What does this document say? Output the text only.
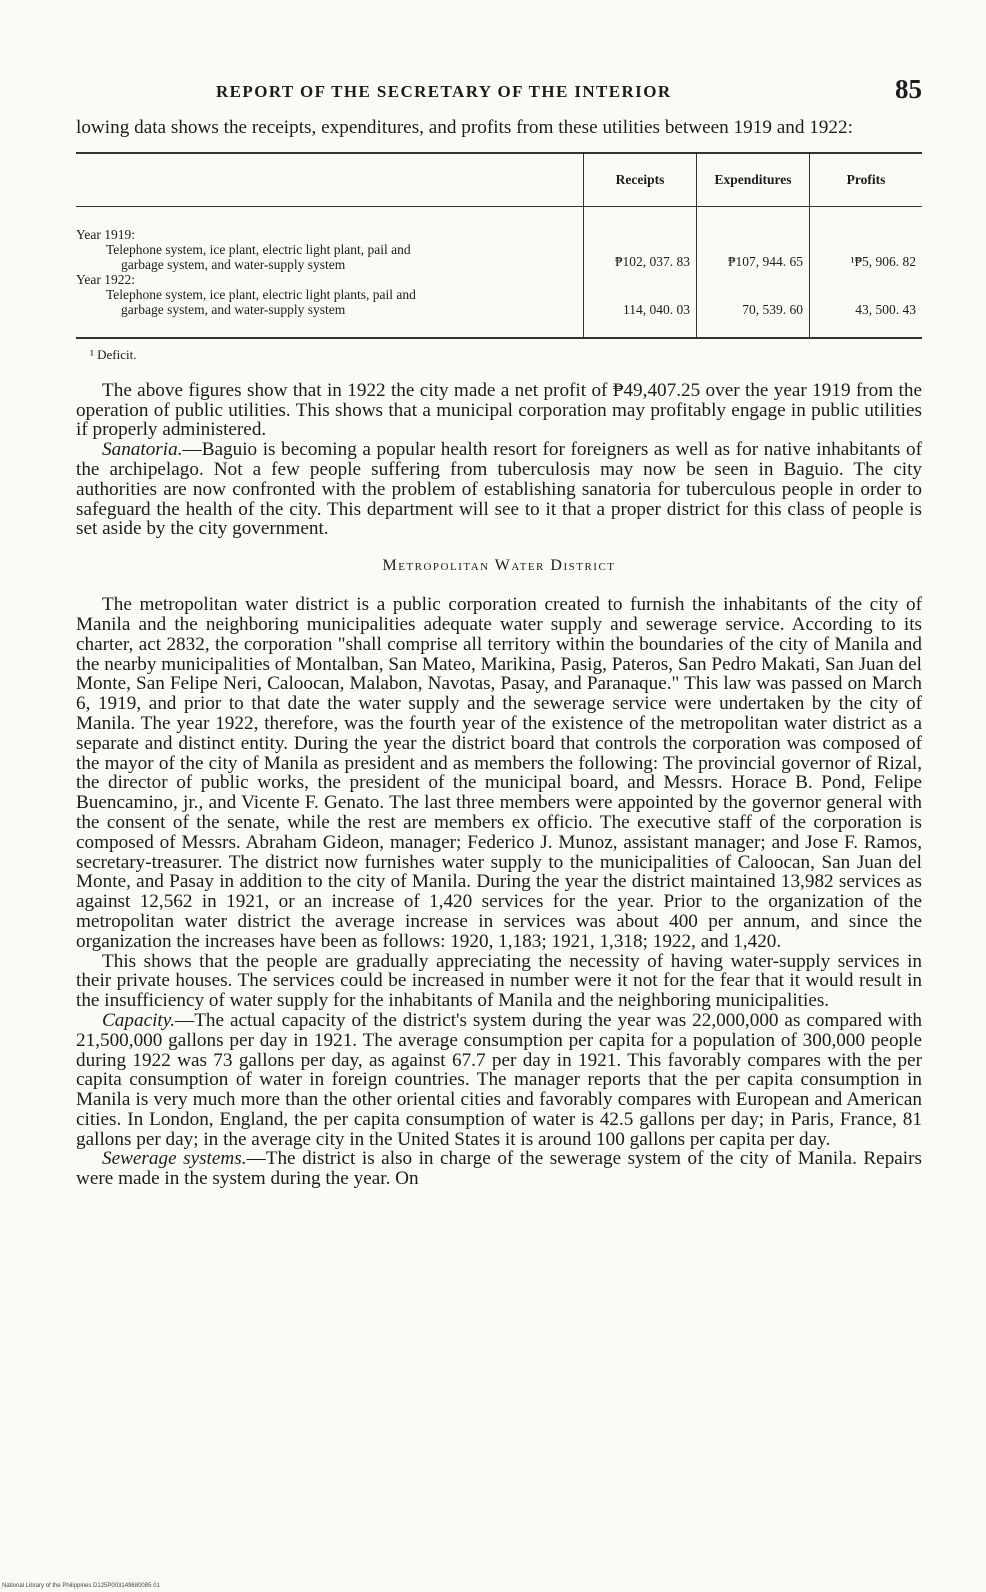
REPORT OF THE SECRETARY OF THE INTERIOR	85

lowing data shows the receipts, expenditures, and profits from these utilities between 1919 and 1922:

	Receipts	Expenditures	Profits

Year 1919:
Telephone system, ice plant, electric light plant, pail and
garbage system, and water-supply system	₱102, 037. 83	₱107, 944. 65	¹₱5, 906. 82

Year 1922:
Telephone system, ice plant, electric light plants, pail and
garbage system, and water-supply system	114, 040. 03	70, 539. 60	43, 500. 43
¹ Deficit.

The above figures show that in 1922 the city made a net profit of ₱49,407.25 over the year 1919 from the operation of public utilities. This shows that a municipal corporation may profitably engage in public utilities if properly administered.

Sanatoria.—Baguio is becoming a popular health resort for foreigners as well as for native inhabitants of the archipelago. Not a few people suffering from tuberculosis may now be seen in Baguio. The city authorities are now confronted with the problem of establishing sanatoria for tuberculous people in order to safeguard the health of the city. This department will see to it that a proper district for this class of people is set aside by the city government.

Metropolitan Water District

The metropolitan water district is a public corporation created to furnish the inhabitants of the city of Manila and the neighboring municipalities adequate water supply and sewerage service. According to its charter, act 2832, the corporation "shall comprise all territory within the boundaries of the city of Manila and the nearby municipalities of Montalban, San Mateo, Marikina, Pasig, Pateros, San Pedro Makati, San Juan del Monte, San Felipe Neri, Caloocan, Malabon, Navotas, Pasay, and Paranaque." This law was passed on March 6, 1919, and prior to that date the water supply and the sewerage service were undertaken by the city of Manila. The year 1922, therefore, was the fourth year of the existence of the metropolitan water district as a separate and distinct entity. During the year the district board that controls the corporation was composed of the mayor of the city of Manila as president and as members the following: The provincial governor of Rizal, the director of public works, the president of the municipal board, and Messrs. Horace B. Pond, Felipe Buencamino, jr., and Vicente F. Genato. The last three members were appointed by the governor general with the consent of the senate, while the rest are members ex officio. The executive staff of the corporation is composed of Messrs. Abraham Gideon, manager; Federico J. Munoz, assistant manager; and Jose F. Ramos, secretary-treasurer. The district now furnishes water supply to the municipalities of Caloocan, San Juan del Monte, and Pasay in addition to the city of Manila. During the year the district maintained 13,982 services as against 12,562 in 1921, or an increase of 1,420 services for the year. Prior to the organization of the metropolitan water district the average increase in services was about 400 per annum, and since the organization the increases have been as follows: 1920, 1,183; 1921, 1,318; 1922, and 1,420.

This shows that the people are gradually appreciating the necessity of having water-supply services in their private houses. The services could be increased in number were it not for the fear that it would result in the insufficiency of water supply for the inhabitants of Manila and the neighboring municipalities.

Capacity.—The actual capacity of the district's system during the year was 22,000,000 as compared with 21,500,000 gallons per day in 1921. The average consumption per capita for a population of 300,000 people during 1922 was 73 gallons per day, as against 67.7 per day in 1921. This favorably compares with the per capita consumption of water in foreign countries. The manager reports that the per capita consumption in Manila is very much more than the other oriental cities and favorably compares with European and American cities. In London, England, the per capita consumption of water is 42.5 gallons per day; in Paris, France, 81 gallons per day; in the average city in the United States it is around 100 gallons per capita per day.

Sewerage systems.—The district is also in charge of the sewerage system of the city of Manila. Repairs were made in the system during the year. On

National Library of the Philippines D125P003149680085 01
